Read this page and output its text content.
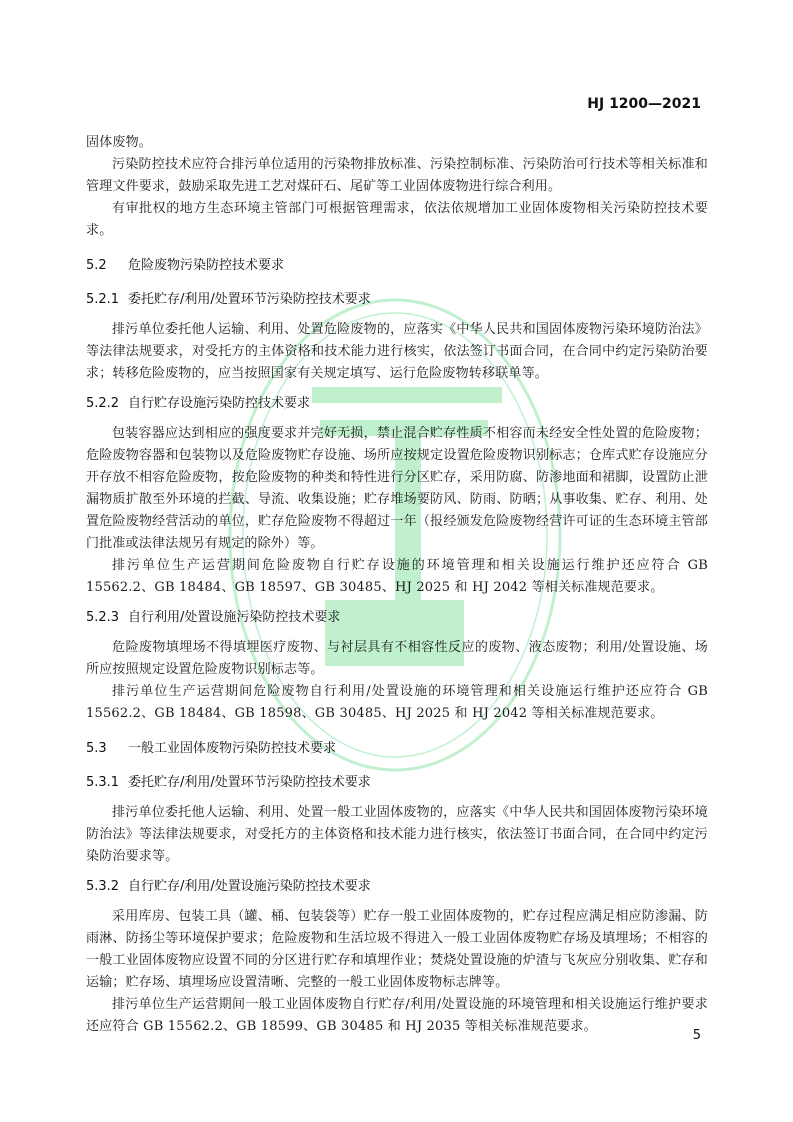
HJ 1200—2021

固体废物。

污染防控技术应符合排污单位适用的污染物排放标准、污染控制标准、污染防治可行技术等相关标准和管理文件要求，鼓励采取先进工艺对煤矸石、尾矿等工业固体废物进行综合利用。

有审批权的地方生态环境主管部门可根据管理需求，依法依规增加工业固体废物相关污染防控技术要求。

5.2 危险废物污染防控技术要求
5.2.1 委托贮存/利用/处置环节污染防控技术要求

排污单位委托他人运输、利用、处置危险废物的，应落实《中华人民共和国固体废物污染环境防治法》等法律法规要求，对受托方的主体资格和技术能力进行核实，依法签订书面合同，在合同中约定污染防治要求；转移危险废物的，应当按照国家有关规定填写、运行危险废物转移联单等。

5.2.2 自行贮存设施污染防控技术要求

包装容器应达到相应的强度要求并完好无损，禁止混合贮存性质不相容而未经安全性处置的危险废物；危险废物容器和包装物以及危险废物贮存设施、场所应按规定设置危险废物识别标志；仓库式贮存设施应分开存放不相容危险废物，按危险废物的种类和特性进行分区贮存，采用防腐、防渗地面和裙脚，设置防止泄漏物质扩散至外环境的拦截、导流、收集设施；贮存堆场要防风、防雨、防晒；从事收集、贮存、利用、处置危险废物经营活动的单位，贮存危险废物不得超过一年（报经颁发危险废物经营许可证的生态环境主管部门批准或法律法规另有规定的除外）等。

排污单位生产运营期间危险废物自行贮存设施的环境管理和相关设施运行维护还应符合 GB 15562.2、GB 18484、GB 18597、GB 30485、HJ 2025 和 HJ 2042 等相关标准规范要求。

5.2.3 自行利用/处置设施污染防控技术要求

危险废物填埋场不得填埋医疗废物、与衬层具有不相容性反应的废物、液态废物；利用/处置设施、场所应按照规定设置危险废物识别标志等。

排污单位生产运营期间危险废物自行利用/处置设施的环境管理和相关设施运行维护还应符合 GB 15562.2、GB 18484、GB 18598、GB 30485、HJ 2025 和 HJ 2042 等相关标准规范要求。

5.3 一般工业固体废物污染防控技术要求
5.3.1 委托贮存/利用/处置环节污染防控技术要求

排污单位委托他人运输、利用、处置一般工业固体废物的，应落实《中华人民共和国固体废物污染环境防治法》等法律法规要求，对受托方的主体资格和技术能力进行核实，依法签订书面合同，在合同中约定污染防治要求等。

5.3.2 自行贮存/利用/处置设施污染防控技术要求

采用库房、包装工具（罐、桶、包装袋等）贮存一般工业固体废物的，贮存过程应满足相应防渗漏、防雨淋、防扬尘等环境保护要求；危险废物和生活垃圾不得进入一般工业固体废物贮存场及填埋场；不相容的一般工业固体废物应设置不同的分区进行贮存和填埋作业；焚烧处置设施的炉渣与飞灰应分别收集、贮存和运输；贮存场、填埋场应设置清晰、完整的一般工业固体废物标志牌等。

排污单位生产运营期间一般工业固体废物自行贮存/利用/处置设施的环境管理和相关设施运行维护要求还应符合 GB 15562.2、GB 18599、GB 30485 和 HJ 2035 等相关标准规范要求。

5
